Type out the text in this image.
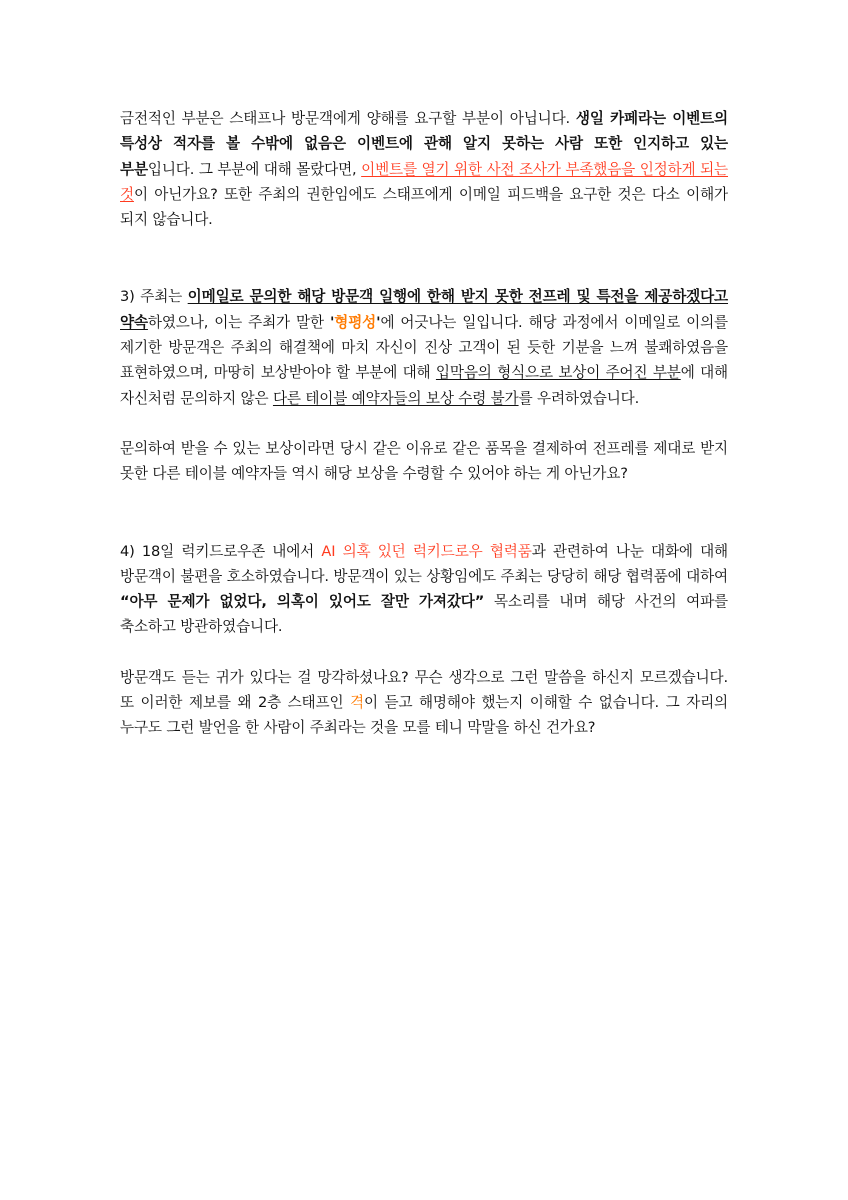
금전적인 부분은 스태프나 방문객에게 양해를 요구할 부분이 아닙니다. 생일 카페라는 이벤트의 특성상 적자를 볼 수밖에 없음은 이벤트에 관해 알지 못하는 사람 또한 인지하고 있는 부분입니다. 그 부분에 대해 몰랐다면, 이벤트를 열기 위한 사전 조사가 부족했음을 인정하게 되는 것이 아닌가요? 또한 주최의 권한임에도 스태프에게 이메일 피드백을 요구한 것은 다소 이해가 되지 않습니다.

3) 주최는 이메일로 문의한 해당 방문객 일행에 한해 받지 못한 전프레 및 특전을 제공하겠다고 약속하였으나, 이는 주최가 말한 '형평성'에 어긋나는 일입니다. 해당 과정에서 이메일로 이의를 제기한 방문객은 주최의 해결책에 마치 자신이 진상 고객이 된 듯한 기분을 느껴 불쾌하였음을 표현하였으며, 마땅히 보상받아야 할 부분에 대해 입막음의 형식으로 보상이 주어진 부분에 대해 자신처럼 문의하지 않은 다른 테이블 예약자들의 보상 수령 불가를 우려하였습니다.

문의하여 받을 수 있는 보상이라면 당시 같은 이유로 같은 품목을 결제하여 전프레를 제대로 받지 못한 다른 테이블 예약자들 역시 해당 보상을 수령할 수 있어야 하는 게 아닌가요?

4) 18일 럭키드로우존 내에서 AI 의혹 있던 럭키드로우 협력품과 관련하여 나눈 대화에 대해 방문객이 불편을 호소하였습니다. 방문객이 있는 상황임에도 주최는 당당히 해당 협력품에 대하여 “아무 문제가 없었다, 의혹이 있어도 잘만 가져갔다” 목소리를 내며 해당 사건의 여파를 축소하고 방관하였습니다.

방문객도 듣는 귀가 있다는 걸 망각하셨나요? 무슨 생각으로 그런 말씀을 하신지 모르겠습니다. 또 이러한 제보를 왜 2층 스태프인 격이 듣고 해명해야 했는지 이해할 수 없습니다. 그 자리의 누구도 그런 발언을 한 사람이 주최라는 것을 모를 테니 막말을 하신 건가요?
